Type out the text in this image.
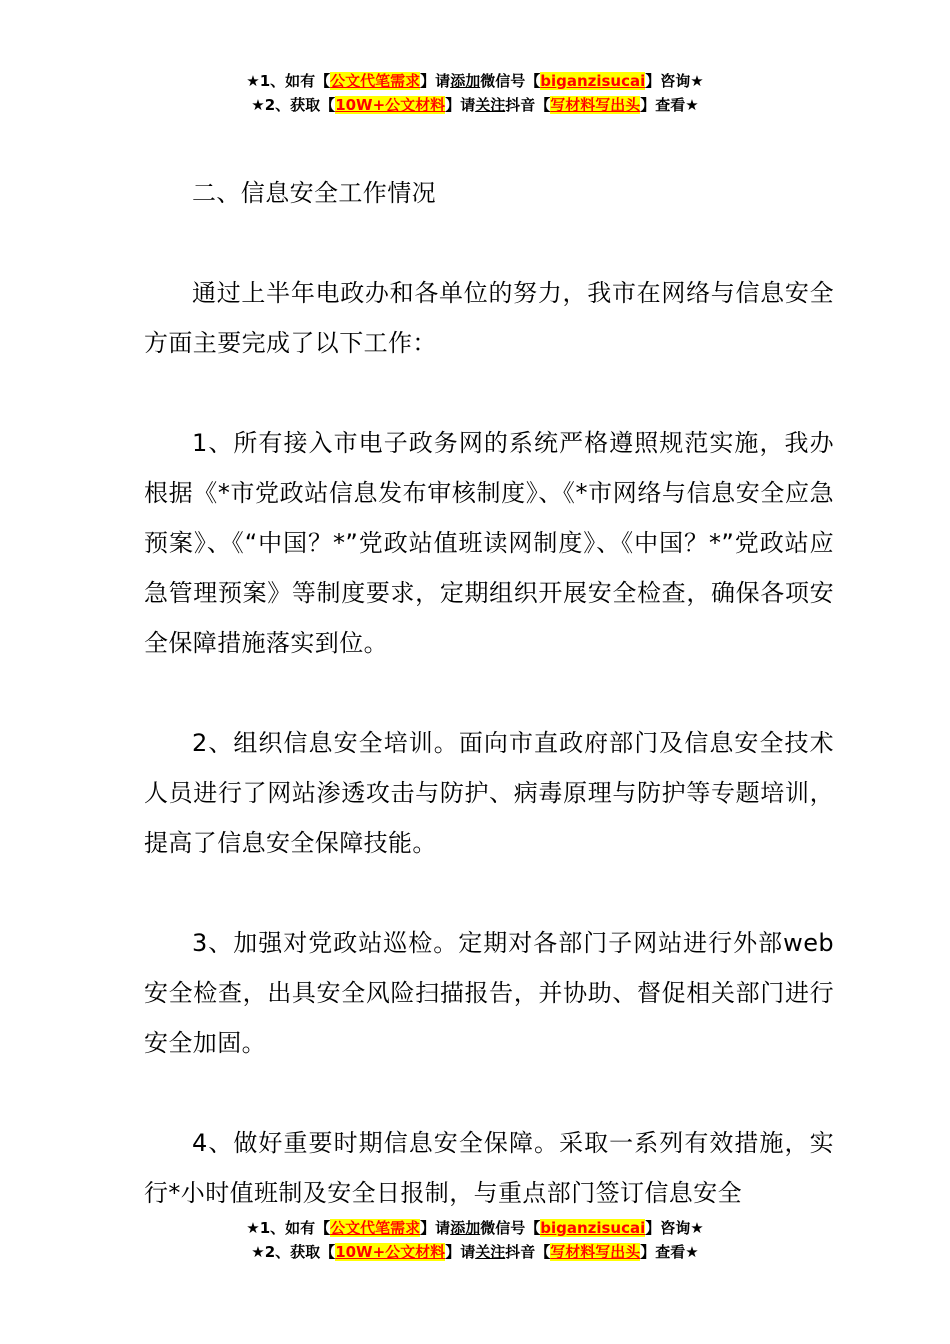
★1、如有【公文代笔需求】请添加微信号【biganzisucai】咨询★
★2、获取【10W+公文材料】请关注抖音【写材料写出头】查看★

二、信息安全工作情况

通过上半年电政办和各单位的努力，我市在网络与信息安全方面主要完成了以下工作：

1、所有接入市电子政务网的系统严格遵照规范实施，我办根据《*市党政站信息发布审核制度》、《*市网络与信息安全应急预案》、《“中国？*”党政站值班读网制度》、《中国？*”党政站应急管理预案》等制度要求，定期组织开展安全检查，确保各项安全保障措施落实到位。

2、组织信息安全培训。面向市直政府部门及信息安全技术人员进行了网站渗透攻击与防护、病毒原理与防护等专题培训，提高了信息安全保障技能。

3、加强对党政站巡检。定期对各部门子网站进行外部web安全检查，出具安全风险扫描报告，并协助、督促相关部门进行安全加固。

4、做好重要时期信息安全保障。采取一系列有效措施，实行*小时值班制及安全日报制，与重点部门签订信息安全

★1、如有【公文代笔需求】请添加微信号【biganzisucai】咨询★
★2、获取【10W+公文材料】请关注抖音【写材料写出头】查看★
